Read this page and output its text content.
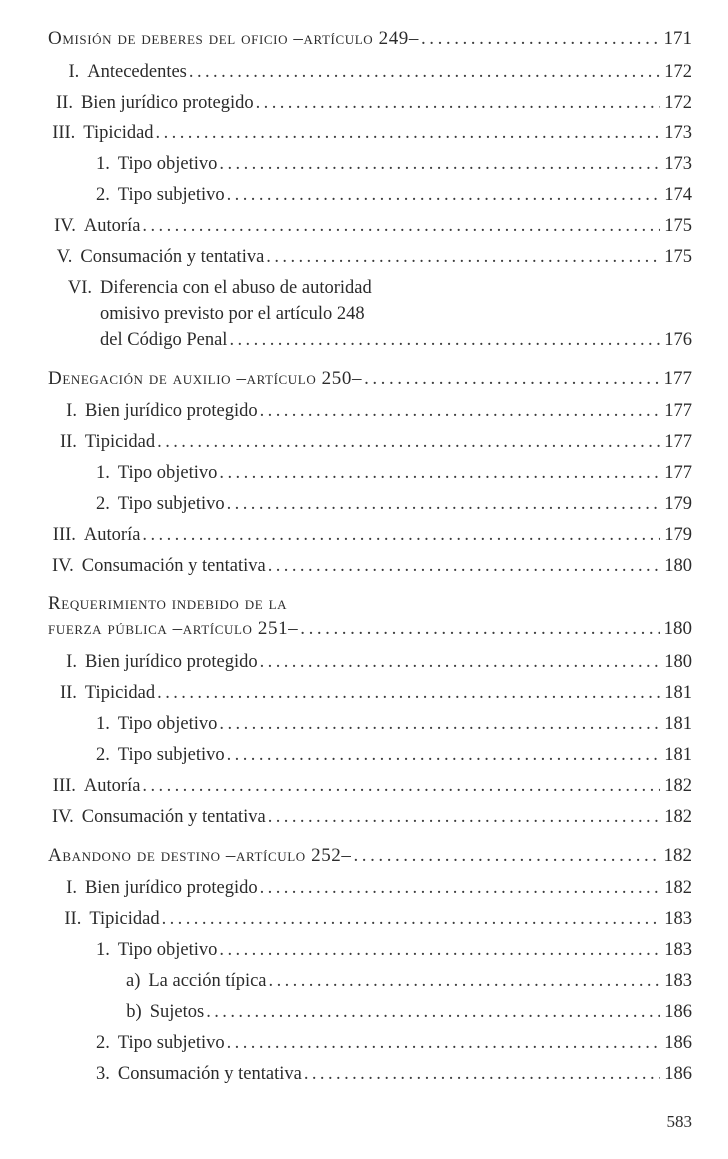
Omisión de deberes del oficio –artículo 249– . . .	171
I. Antecedentes . . .	172
II. Bien jurídico protegido . . .	172
III. Tipicidad . . .	173
1. Tipo objetivo . . .	173
2. Tipo subjetivo . . .	174
IV. Autoría . . .	175
V. Consumación y tentativa . . .	175
VI. Diferencia con el abuso de autoridad
omisivo previsto por el artículo 248
del Código Penal . . .	176
Denegación de auxilio –artículo 250– . . .	177
I. Bien jurídico protegido . . .	177
II. Tipicidad . . .	177
1. Tipo objetivo . . .	177
2. Tipo subjetivo . . .	179
III. Autoría . . .	179
IV. Consumación y tentativa . . .	180
Requerimiento indebido de la
fuerza pública –artículo 251– . . .	180
I. Bien jurídico protegido . . .	180
II. Tipicidad . . .	181
1. Tipo objetivo . . .	181
2. Tipo subjetivo . . .	181
III. Autoría . . .	182
IV. Consumación y tentativa . . .	182
Abandono de destino –artículo 252– . . .	182
I. Bien jurídico protegido . . .	182
II. Tipicidad . . .	183
1. Tipo objetivo . . .	183
a) La acción típica . . .	183
b) Sujetos . . .	186
2. Tipo subjetivo . . .	186
3. Consumación y tentativa . . .	186
583
